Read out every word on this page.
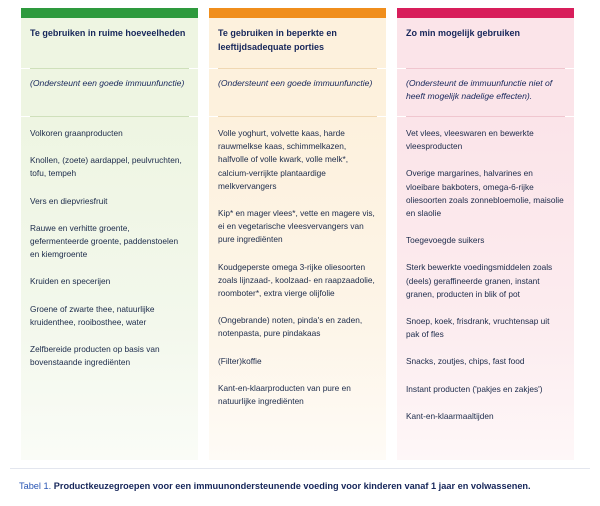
Te gebruiken in ruime hoeveelheden
(Ondersteunt een goede immuunfunctie)
Volkoren graanproducten
Knollen, (zoete) aardappel, peulvruchten, tofu, tempeh
Vers en diepvriesfruit
Rauwe en verhitte groente, gefermenteerde groente, paddenstoelen en kiemgroente
Kruiden en specerijen
Groene of zwarte thee, natuurlijke kruidenthee, rooibosthee, water
Zelfbereide producten op basis van bovenstaande ingrediënten
Te gebruiken in beperkte en leeftijdsadequate porties
(Ondersteunt een goede immuunfunctie)
Volle yoghurt, volvette kaas, harde rauwmelkse kaas, schimmelkazen, halfvolle of volle kwark, volle melk*, calcium-verrijkte plantaardige melkvervangers
Kip* en mager vlees*, vette en magere vis, ei en vegetarische vleesvervangers van pure ingrediënten
Koudgeperste omega 3-rijke oliesoorten zoals lijnzaad-, koolzaad- en raapzaadolie, roomboter*, extra vierge olijfolie
(Ongebrande) noten, pinda's en zaden, notenpasta, pure pindakaas
(Filter)koffie
Kant-en-klaarproducten van pure en natuurlijke ingrediënten
Zo min mogelijk gebruiken
(Ondersteunt de immuunfunctie niet of heeft mogelijk nadelige effecten).
Vet vlees, vleeswaren en bewerkte vleesproducten
Overige margarines, halvarines en vloeibare bakboters, omega-6-rijke oliesoorten zoals zonnebloemolie, maisolie en slaolie
Toegevoegde suikers
Sterk bewerkte voedingsmiddelen zoals (deels) geraffineerde granen, instant granen, producten in blik of pot
Snoep, koek, frisdrank, vruchtensap uit pak of fles
Snacks, zoutjes, chips, fast food
Instant producten ('pakjes en zakjes')
Kant-en-klaarmaaltijden
Tabel 1. Productkeuzegroepen voor een immuunondersteunende voeding voor kinderen vanaf 1 jaar en volwassenen.
